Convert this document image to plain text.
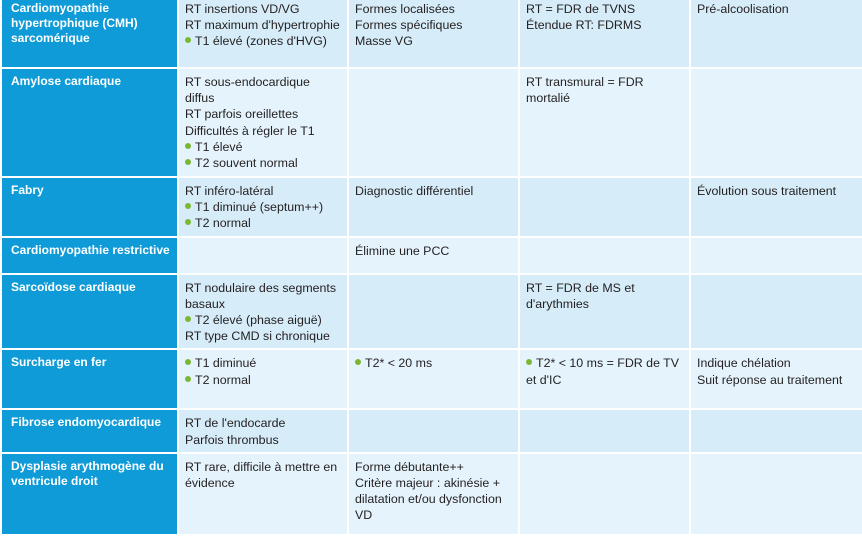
Cardiomyopathie hypertrophique (CMH) sarcomérique	RT insertions VD/VG
RT maximum d'hypertrophie
T1 élevé (zones d'HVG)	Formes localisées
Formes spécifiques
Masse VG	RT = FDR de TVNS
Étendue RT: FDRMS	Pré-alcoolisation

Amylose cardiaque	RT sous-endocardique diffus
RT parfois oreillettes
Difficultés à régler le T1
T1 élevé
T2 souvent normal		RT transmural = FDR mortalié	

Fabry	RT inféro-latéral
T1 diminué (septum++)
T2 normal	Diagnostic différentiel		Évolution sous traitement

Cardiomyopathie restrictive		Élimine une PCC		

Sarcoïdose cardiaque	RT nodulaire des segments basaux
T2 élevé (phase aiguë)
RT type CMD si chronique		RT = FDR de MS et d'arythmies	

Surcharge en fer	T1 diminué
T2 normal	T2* < 20 ms	T2* < 10 ms = FDR de TV et d'IC	Indique chélation
Suit réponse au traitement

Fibrose endomyocardique	RT de l'endocarde
Parfois thrombus			

Dysplasie arythmogène du ventricule droit	RT rare, difficile à mettre en évidence	Forme débutante++
Critère majeur : akinésie + dilatation et/ou dysfonction VD		
